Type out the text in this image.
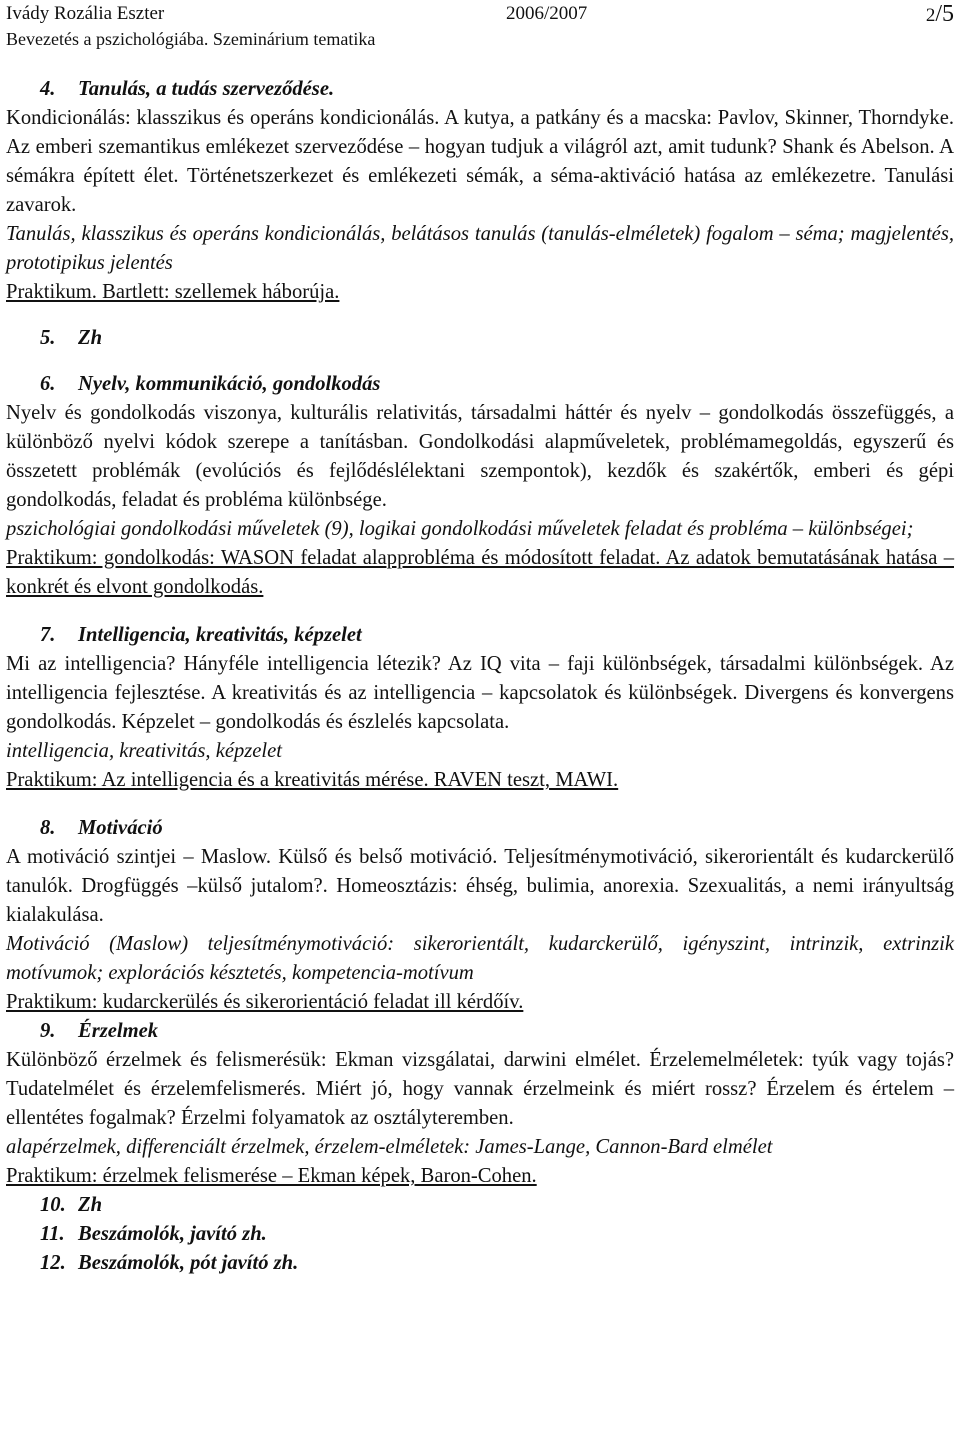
Ivády Rozália Eszter	2006/2007	2/5
Bevezetés a pszichológiába. Szeminárium tematika

4. Tanulás, a tudás szerveződése.

Kondicionálás: klasszikus és operáns kondicionálás. A kutya, a patkány és a macska: Pavlov, Skinner, Thorndyke. Az emberi szemantikus emlékezet szerveződése – hogyan tudjuk a világról azt, amit tudunk? Shank és Abelson. A sémákra épített élet. Történetszerkezet és emlékezeti sémák, a séma-aktiváció hatása az emlékezetre. Tanulási zavarok.

Tanulás, klasszikus és operáns kondicionálás, belátásos tanulás (tanulás-elméletek) fogalom – séma; magjelentés, prototipikus jelentés

Praktikum. Bartlett: szellemek háborúja.

5. Zh

6. Nyelv, kommunikáció, gondolkodás

Nyelv és gondolkodás viszonya, kulturális relativitás, társadalmi háttér és nyelv – gondolkodás összefüggés, a különböző nyelvi kódok szerepe a tanításban. Gondolkodási alapműveletek, problémamegoldás, egyszerű és összetett problémák (evolúciós és fejlődéslélektani szempontok), kezdők és szakértők, emberi és gépi gondolkodás, feladat és probléma különbsége.

pszichológiai gondolkodási műveletek (9), logikai gondolkodási műveletek feladat és probléma – különbségei;

Praktikum: gondolkodás: WASON feladat alapprobléma és módosított feladat. Az adatok bemutatásának hatása – konkrét és elvont gondolkodás.

7. Intelligencia, kreativitás, képzelet

Mi az intelligencia? Hányféle intelligencia létezik? Az IQ vita – faji különbségek, társadalmi különbségek. Az intelligencia fejlesztése. A kreativitás és az intelligencia – kapcsolatok és különbségek. Divergens és konvergens gondolkodás. Képzelet – gondolkodás és észlelés kapcsolata.

intelligencia, kreativitás, képzelet

Praktikum: Az intelligencia és a kreativitás mérése. RAVEN teszt, MAWI.

8. Motiváció

A motiváció szintjei – Maslow. Külső és belső motiváció. Teljesítménymotiváció, sikerorientált és kudarckerülő tanulók. Drogfüggés –külső jutalom?. Homeosztázis: éhség, bulimia, anorexia. Szexualitás, a nemi irányultság kialakulása.

Motiváció (Maslow) teljesítménymotiváció: sikerorientált, kudarckerülő, igényszint, intrinzik, extrinzik motívumok; explorációs késztetés, kompetencia-motívum

Praktikum: kudarckerülés és sikerorientáció feladat ill kérdőív.

9. Érzelmek

Különböző érzelmek és felismerésük: Ekman vizsgálatai, darwini elmélet. Érzelemelméletek: tyúk vagy tojás? Tudatelmélet és érzelemfelismerés. Miért jó, hogy vannak érzelmeink és miért rossz? Érzelem és értelem – ellentétes fogalmak? Érzelmi folyamatok az osztályteremben.

alapérzelmek, differenciált érzelmek, érzelem-elméletek: James-Lange, Cannon-Bard elmélet

Praktikum: érzelmek felismerése – Ekman képek, Baron-Cohen.

10. Zh

11. Beszámolók, javító zh.

12. Beszámolók, pót javító zh.
